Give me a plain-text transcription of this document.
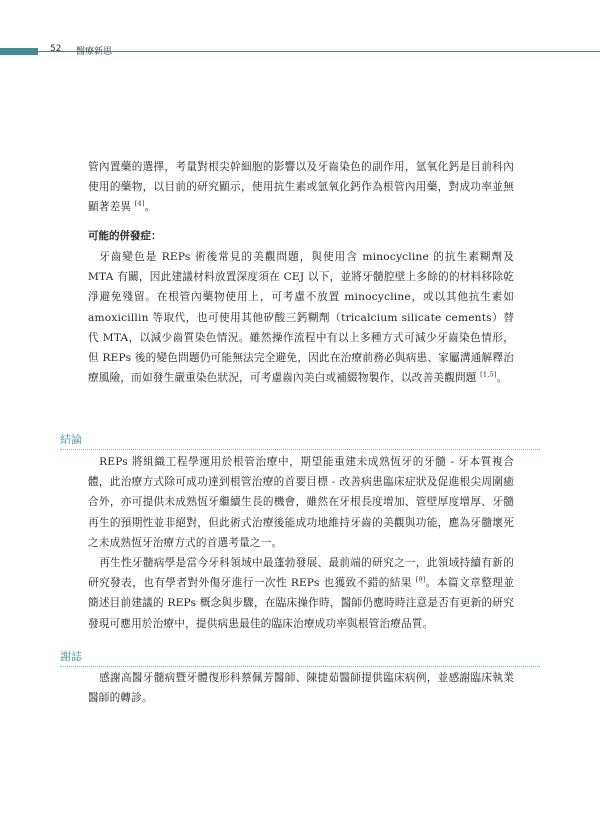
52 醫療新思

管內置藥的選擇，考量對根尖幹細胞的影響以及牙齒染色的副作用，氫氧化鈣是目前科內使用的藥物，以目前的研究顯示，使用抗生素或氫氧化鈣作為根管內用藥，對成功率並無顯著差異 [4]。

可能的併發症：

牙齒變色是 REPs 術後常見的美觀問題，與使用含 minocycline 的抗生素糊劑及 MTA 有關，因此建議材料放置深度須在 CEJ 以下，並將牙髓腔壁上多餘的的材料移除乾淨避免殘留。在根管內藥物使用上，可考慮不放置 minocycline，或以其他抗生素如 amoxicillin 等取代，也可使用其他矽酸三鈣糊劑（tricalcium silicate cements）替代 MTA，以減少齒質染色情況。雖然操作流程中有以上多種方式可減少牙齒染色情形，但 REPs 後的變色問題仍可能無法完全避免，因此在治療前務必與病患、家屬溝通解釋治療風險，而如發生嚴重染色狀況，可考慮齒內美白或補綴物製作，以改善美觀問題 [1,5]。

結論

REPs 將組織工程學運用於根管治療中，期望能重建未成熟恆牙的牙髓 - 牙本質複合體，此治療方式除可成功達到根管治療的首要目標 - 改善病患臨床症狀及促進根尖周圍癒合外，亦可提供未成熟恆牙繼續生長的機會，雖然在牙根長度增加、管壁厚度增厚、牙髓再生的預期性並非絕對，但此術式治療後能成功地維持牙齒的美觀與功能，應為牙髓壞死之未成熟恆牙治療方式的首選考量之一。

再生性牙髓病學是當今牙科領域中最蓬勃發展、最前端的研究之一，此領域持續有新的研究發表，也有學者對外傷牙進行一次性 REPs 也獲致不錯的結果 [9]。本篇文章整理並簡述目前建議的 REPs 概念與步驟，在臨床操作時，醫師仍應時時注意是否有更新的研究發現可應用於治療中，提供病患最佳的臨床治療成功率與根管治療品質。

謝誌

感謝高醫牙髓病暨牙體復形科蔡佩芳醫師、陳捷茹醫師提供臨床病例，並感謝臨床執業醫師的轉診。
